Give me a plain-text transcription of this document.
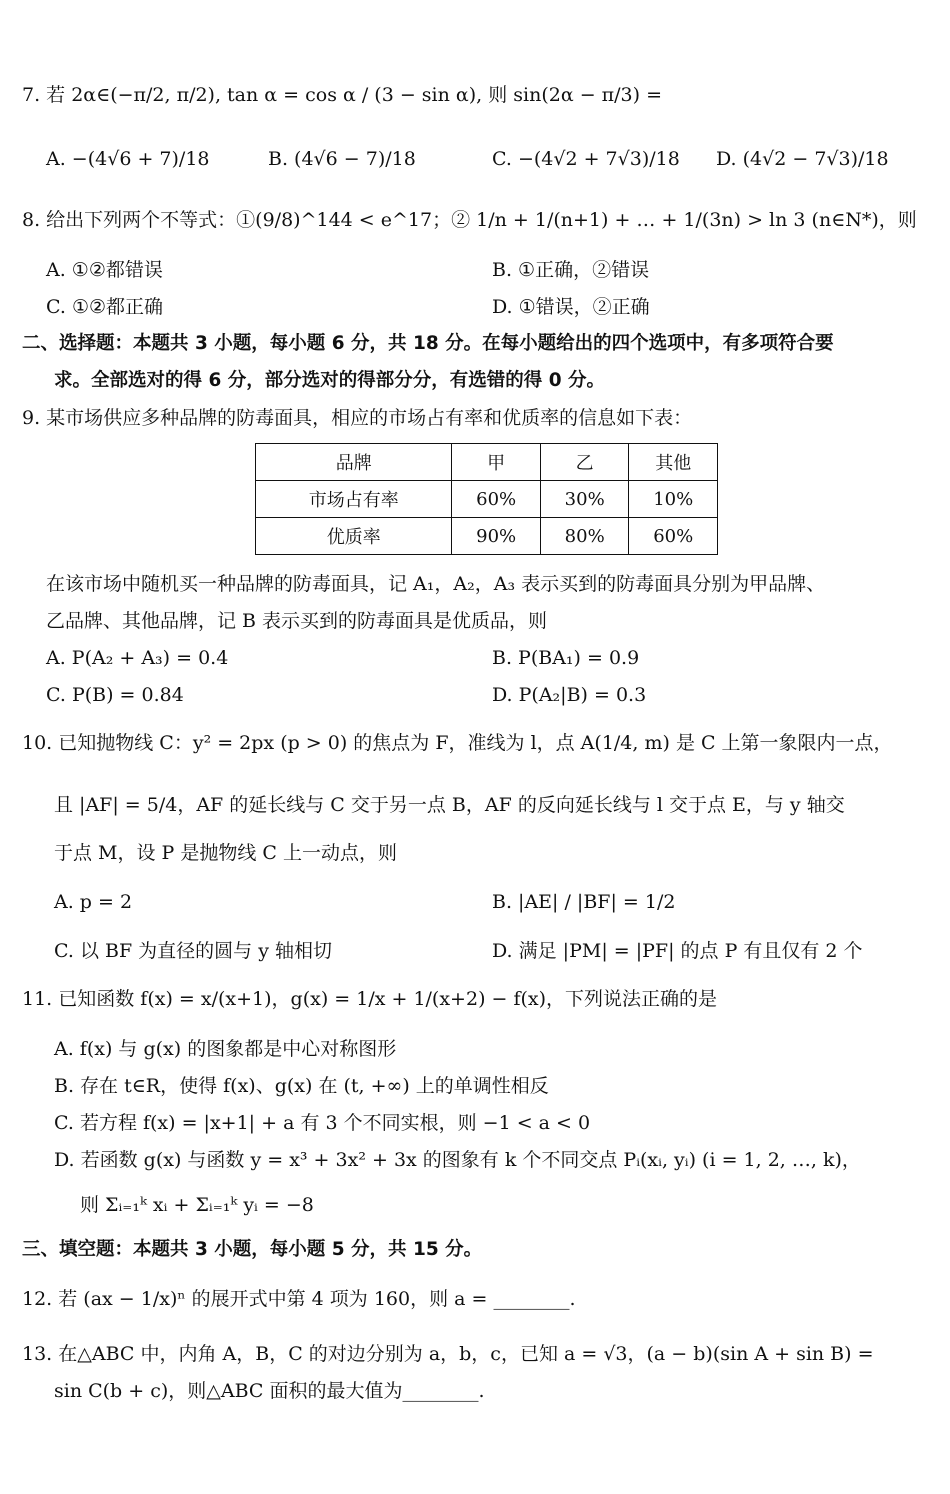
7. 若 2α∈(−π/2, π/2), tan α = cos α / (3 − sin α), 则 sin(2α − π/3) =
A. −(4√6 + 7)/18	B. (4√6 − 7)/18	C. −(4√2 + 7√3)/18 D. (4√2 − 7√3)/18
8. 给出下列两个不等式：①(9/8)^144 < e^17；② 1/n + 1/(n+1) + … + 1/(3n) > ln 3 (n∈N*)，则
A. ①②都错误	B. ①正确，②错误
C. ①②都正确	D. ①错误，②正确
二、选择题：本题共 3 小题，每小题 6 分，共 18 分。在每小题给出的四个选项中，有多项符合要
求。全部选对的得 6 分，部分选对的得部分分，有选错的得 0 分。
9. 某市场供应多种品牌的防毒面具，相应的市场占有率和优质率的信息如下表：
品牌	甲	乙	其他
市场占有率	60%	30%	10%
优质率	90%	80%	60%
在该市场中随机买一种品牌的防毒面具，记 A₁，A₂，A₃ 表示买到的防毒面具分别为甲品牌、
乙品牌、其他品牌，记 B 表示买到的防毒面具是优质品，则
A. P(A₂ + A₃) = 0.4	B. P(BA₁) = 0.9
C. P(B) = 0.84	D. P(A₂|B) = 0.3
10. 已知抛物线 C：y² = 2px (p > 0) 的焦点为 F，准线为 l，点 A(1/4, m) 是 C 上第一象限内一点，
且 |AF| = 5/4，AF 的延长线与 C 交于另一点 B，AF 的反向延长线与 l 交于点 E，与 y 轴交
于点 M，设 P 是抛物线 C 上一动点，则
A. p = 2	B. |AE| / |BF| = 1/2
C. 以 BF 为直径的圆与 y 轴相切	D. 满足 |PM| = |PF| 的点 P 有且仅有 2 个
11. 已知函数 f(x) = x/(x+1)，g(x) = 1/x + 1/(x+2) − f(x)，下列说法正确的是
A. f(x) 与 g(x) 的图象都是中心对称图形
B. 存在 t∈R，使得 f(x)、g(x) 在 (t, +∞) 上的单调性相反
C. 若方程 f(x) = |x+1| + a 有 3 个不同实根，则 −1 < a < 0
D. 若函数 g(x) 与函数 y = x³ + 3x² + 3x 的图象有 k 个不同交点 Pᵢ(xᵢ, yᵢ) (i = 1, 2, …, k)，
则 Σᵢ₌₁ᵏ xᵢ + Σᵢ₌₁ᵏ yᵢ = −8
三、填空题：本题共 3 小题，每小题 5 分，共 15 分。
12. 若 (ax − 1/x)ⁿ 的展开式中第 4 项为 160，则 a = ________.
13. 在△ABC 中，内角 A，B，C 的对边分别为 a，b，c，已知 a = √3，(a − b)(sin A + sin B) =
sin C(b + c)，则△ABC 面积的最大值为________.
